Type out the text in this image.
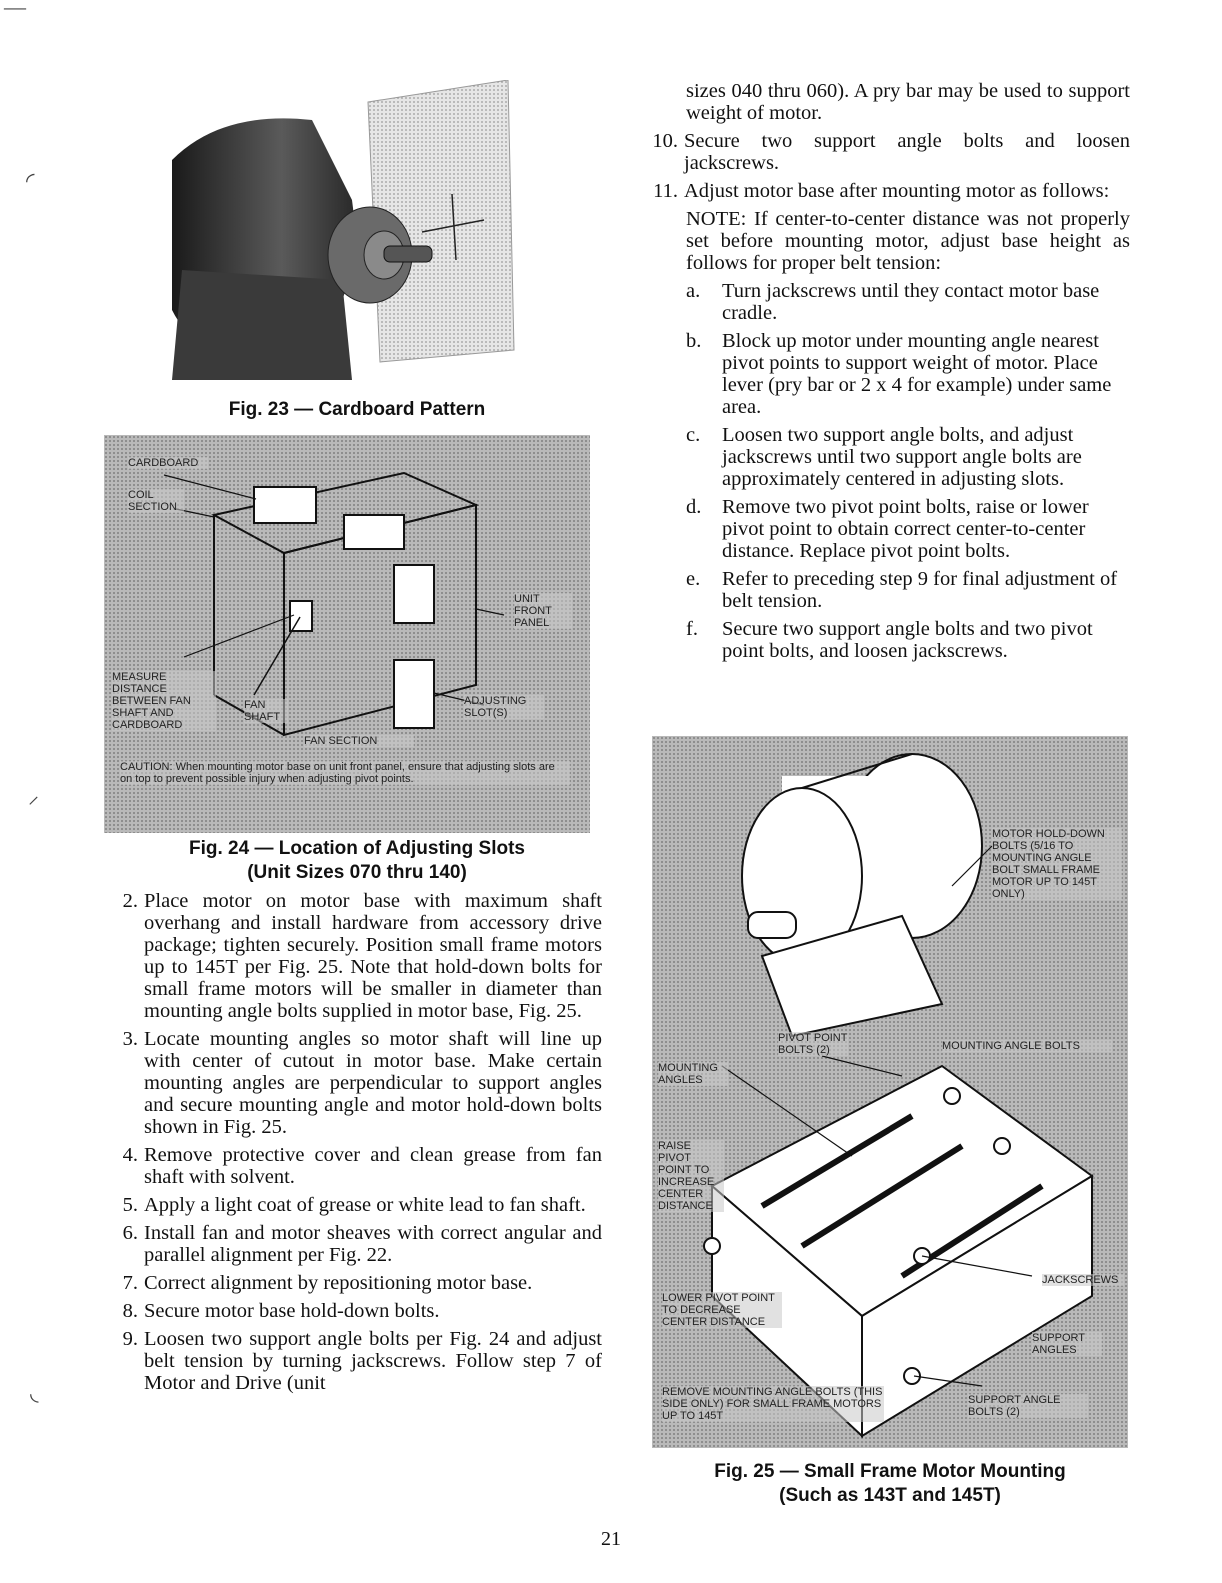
—
◜
⸝
◟
Fig. 23 — Cardboard Pattern
CARDBOARD
COIL SECTION
UNIT FRONT PANEL
MEASURE DISTANCE BETWEEN FAN SHAFT AND CARDBOARD
FAN SHAFT
ADJUSTING SLOT(S)
FAN SECTION
CAUTION: When mounting motor base on unit front panel, ensure that adjusting slots are on top to prevent possible injury when adjusting pivot points.
Fig. 24 — Location of Adjusting Slots
(Unit Sizes 070 thru 140)
2. Place motor on motor base with maximum shaft overhang and install hardware from accessory drive package; tighten securely. Position small frame motors up to 145T per Fig. 25. Note that hold-down bolts for small frame motors will be smaller in diameter than mounting angle bolts supplied in motor base, Fig. 25.
3. Locate mounting angles so motor shaft will line up with center of cutout in motor base. Make certain mounting angles are perpendicular to support angles and secure mounting angle and motor hold-down bolts shown in Fig. 25.
4. Remove protective cover and clean grease from fan shaft with solvent.
5. Apply a light coat of grease or white lead to fan shaft.
6. Install fan and motor sheaves with correct angular and parallel alignment per Fig. 22.
7. Correct alignment by repositioning motor base.
8. Secure motor base hold-down bolts.
9. Loosen two support angle bolts per Fig. 24 and adjust belt tension by turning jackscrews. Follow step 7 of Motor and Drive (unit
sizes 040 thru 060). A pry bar may be used to support weight of motor.
10. Secure two support angle bolts and loosen jackscrews.
11. Adjust motor base after mounting motor as follows:
NOTE: If center-to-center distance was not properly set before mounting motor, adjust base height as follows for proper belt tension:
a.	Turn jackscrews until they contact motor base cradle.
b.	Block up motor under mounting angle nearest pivot points to support weight of motor. Place lever (pry bar or 2 x 4 for example) under same area.
c.	Loosen two support angle bolts, and adjust jackscrews until two support angle bolts are approximately centered in adjusting slots.
d.	Remove two pivot point bolts, raise or lower pivot point to obtain correct center-to-center distance. Replace pivot point bolts.
e.	Refer to preceding step 9 for final adjustment of belt tension.
f.	Secure two support angle bolts and two pivot point bolts, and loosen jackscrews.
MOTOR HOLD-DOWN BOLTS (5/16 TO MOUNTING ANGLE BOLT SMALL FRAME MOTOR UP TO 145T ONLY)
PIVOT POINT BOLTS (2)	MOUNTING ANGLE BOLTS
MOUNTING ANGLES
RAISE PIVOT POINT TO INCREASE CENTER DISTANCE
JACKSCREWS
LOWER PIVOT POINT TO DECREASE CENTER DISTANCE
SUPPORT ANGLES
REMOVE MOUNTING ANGLE BOLTS (THIS SIDE ONLY) FOR SMALL FRAME MOTORS UP TO 145T
SUPPORT ANGLE BOLTS (2)
Fig. 25 — Small Frame Motor Mounting
(Such as 143T and 145T)
21
